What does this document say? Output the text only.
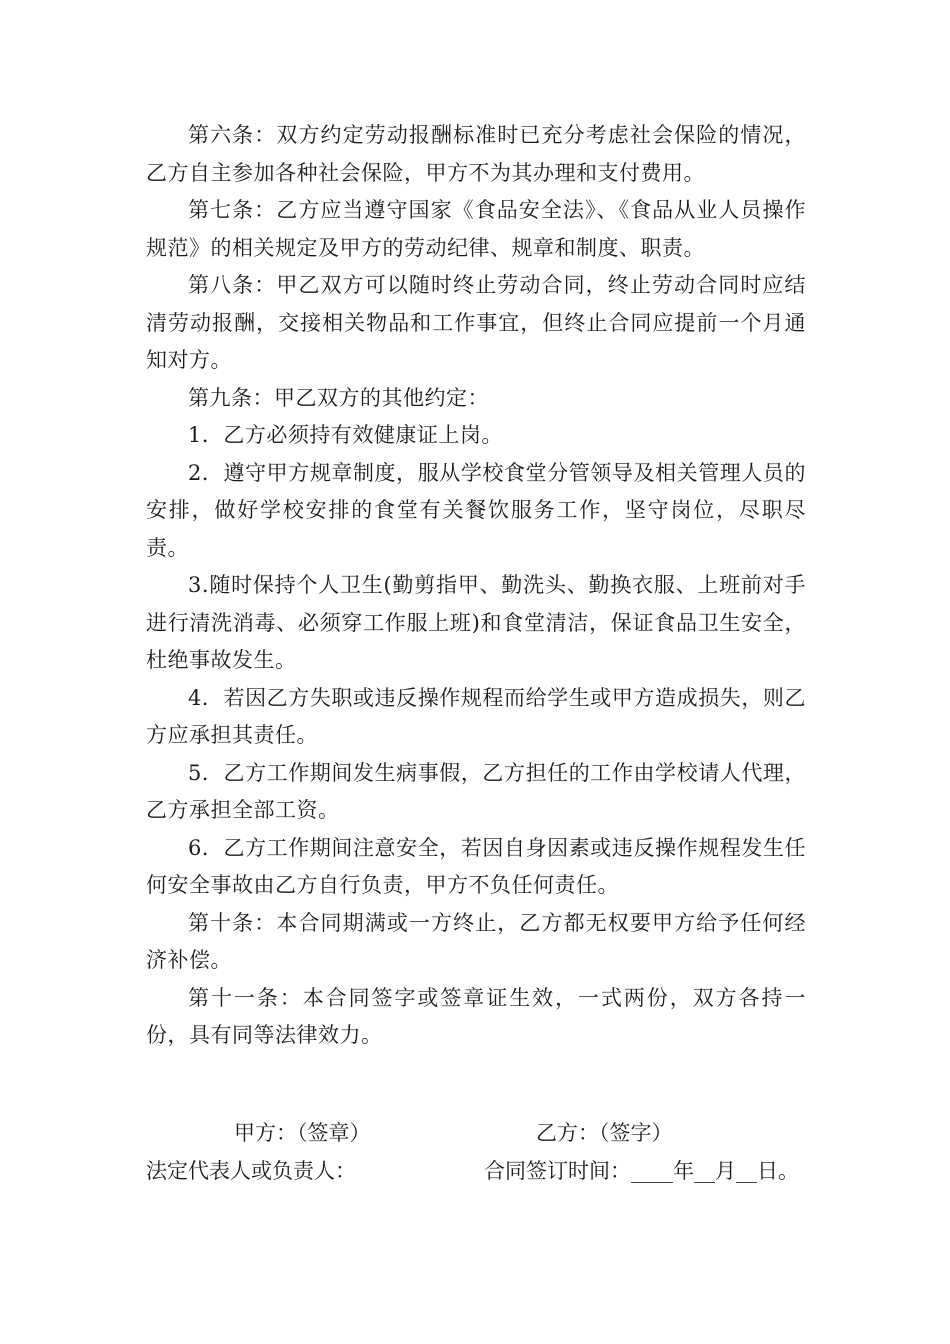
第六条：双方约定劳动报酬标准时已充分考虑社会保险的情况，乙方自主参加各种社会保险，甲方不为其办理和支付费用。

第七条：乙方应当遵守国家《食品安全法》、《食品从业人员操作规范》的相关规定及甲方的劳动纪律、规章和制度、职责。

第八条：甲乙双方可以随时终止劳动合同，终止劳动合同时应结清劳动报酬，交接相关物品和工作事宜，但终止合同应提前一个月通知对方。

第九条：甲乙双方的其他约定：

1．乙方必须持有效健康证上岗。

2．遵守甲方规章制度，服从学校食堂分管领导及相关管理人员的安排，做好学校安排的食堂有关餐饮服务工作，坚守岗位，尽职尽责。

3.随时保持个人卫生(勤剪指甲、勤洗头、勤换衣服、上班前对手进行清洗消毒、必须穿工作服上班)和食堂清洁，保证食品卫生安全，杜绝事故发生。

4．若因乙方失职或违反操作规程而给学生或甲方造成损失，则乙方应承担其责任。

5．乙方工作期间发生病事假，乙方担任的工作由学校请人代理，乙方承担全部工资。

6．乙方工作期间注意安全，若因自身因素或违反操作规程发生任何安全事故由乙方自行负责，甲方不负任何责任。

第十条：本合同期满或一方终止，乙方都无权要甲方给予任何经济补偿。

第十一条：本合同签字或签章证生效，一式两份，双方各持一份，具有同等法律效力。

甲方：（签章）	乙方：（签字）
法定代表人或负责人：	合同签订时间：____年__月__日。
